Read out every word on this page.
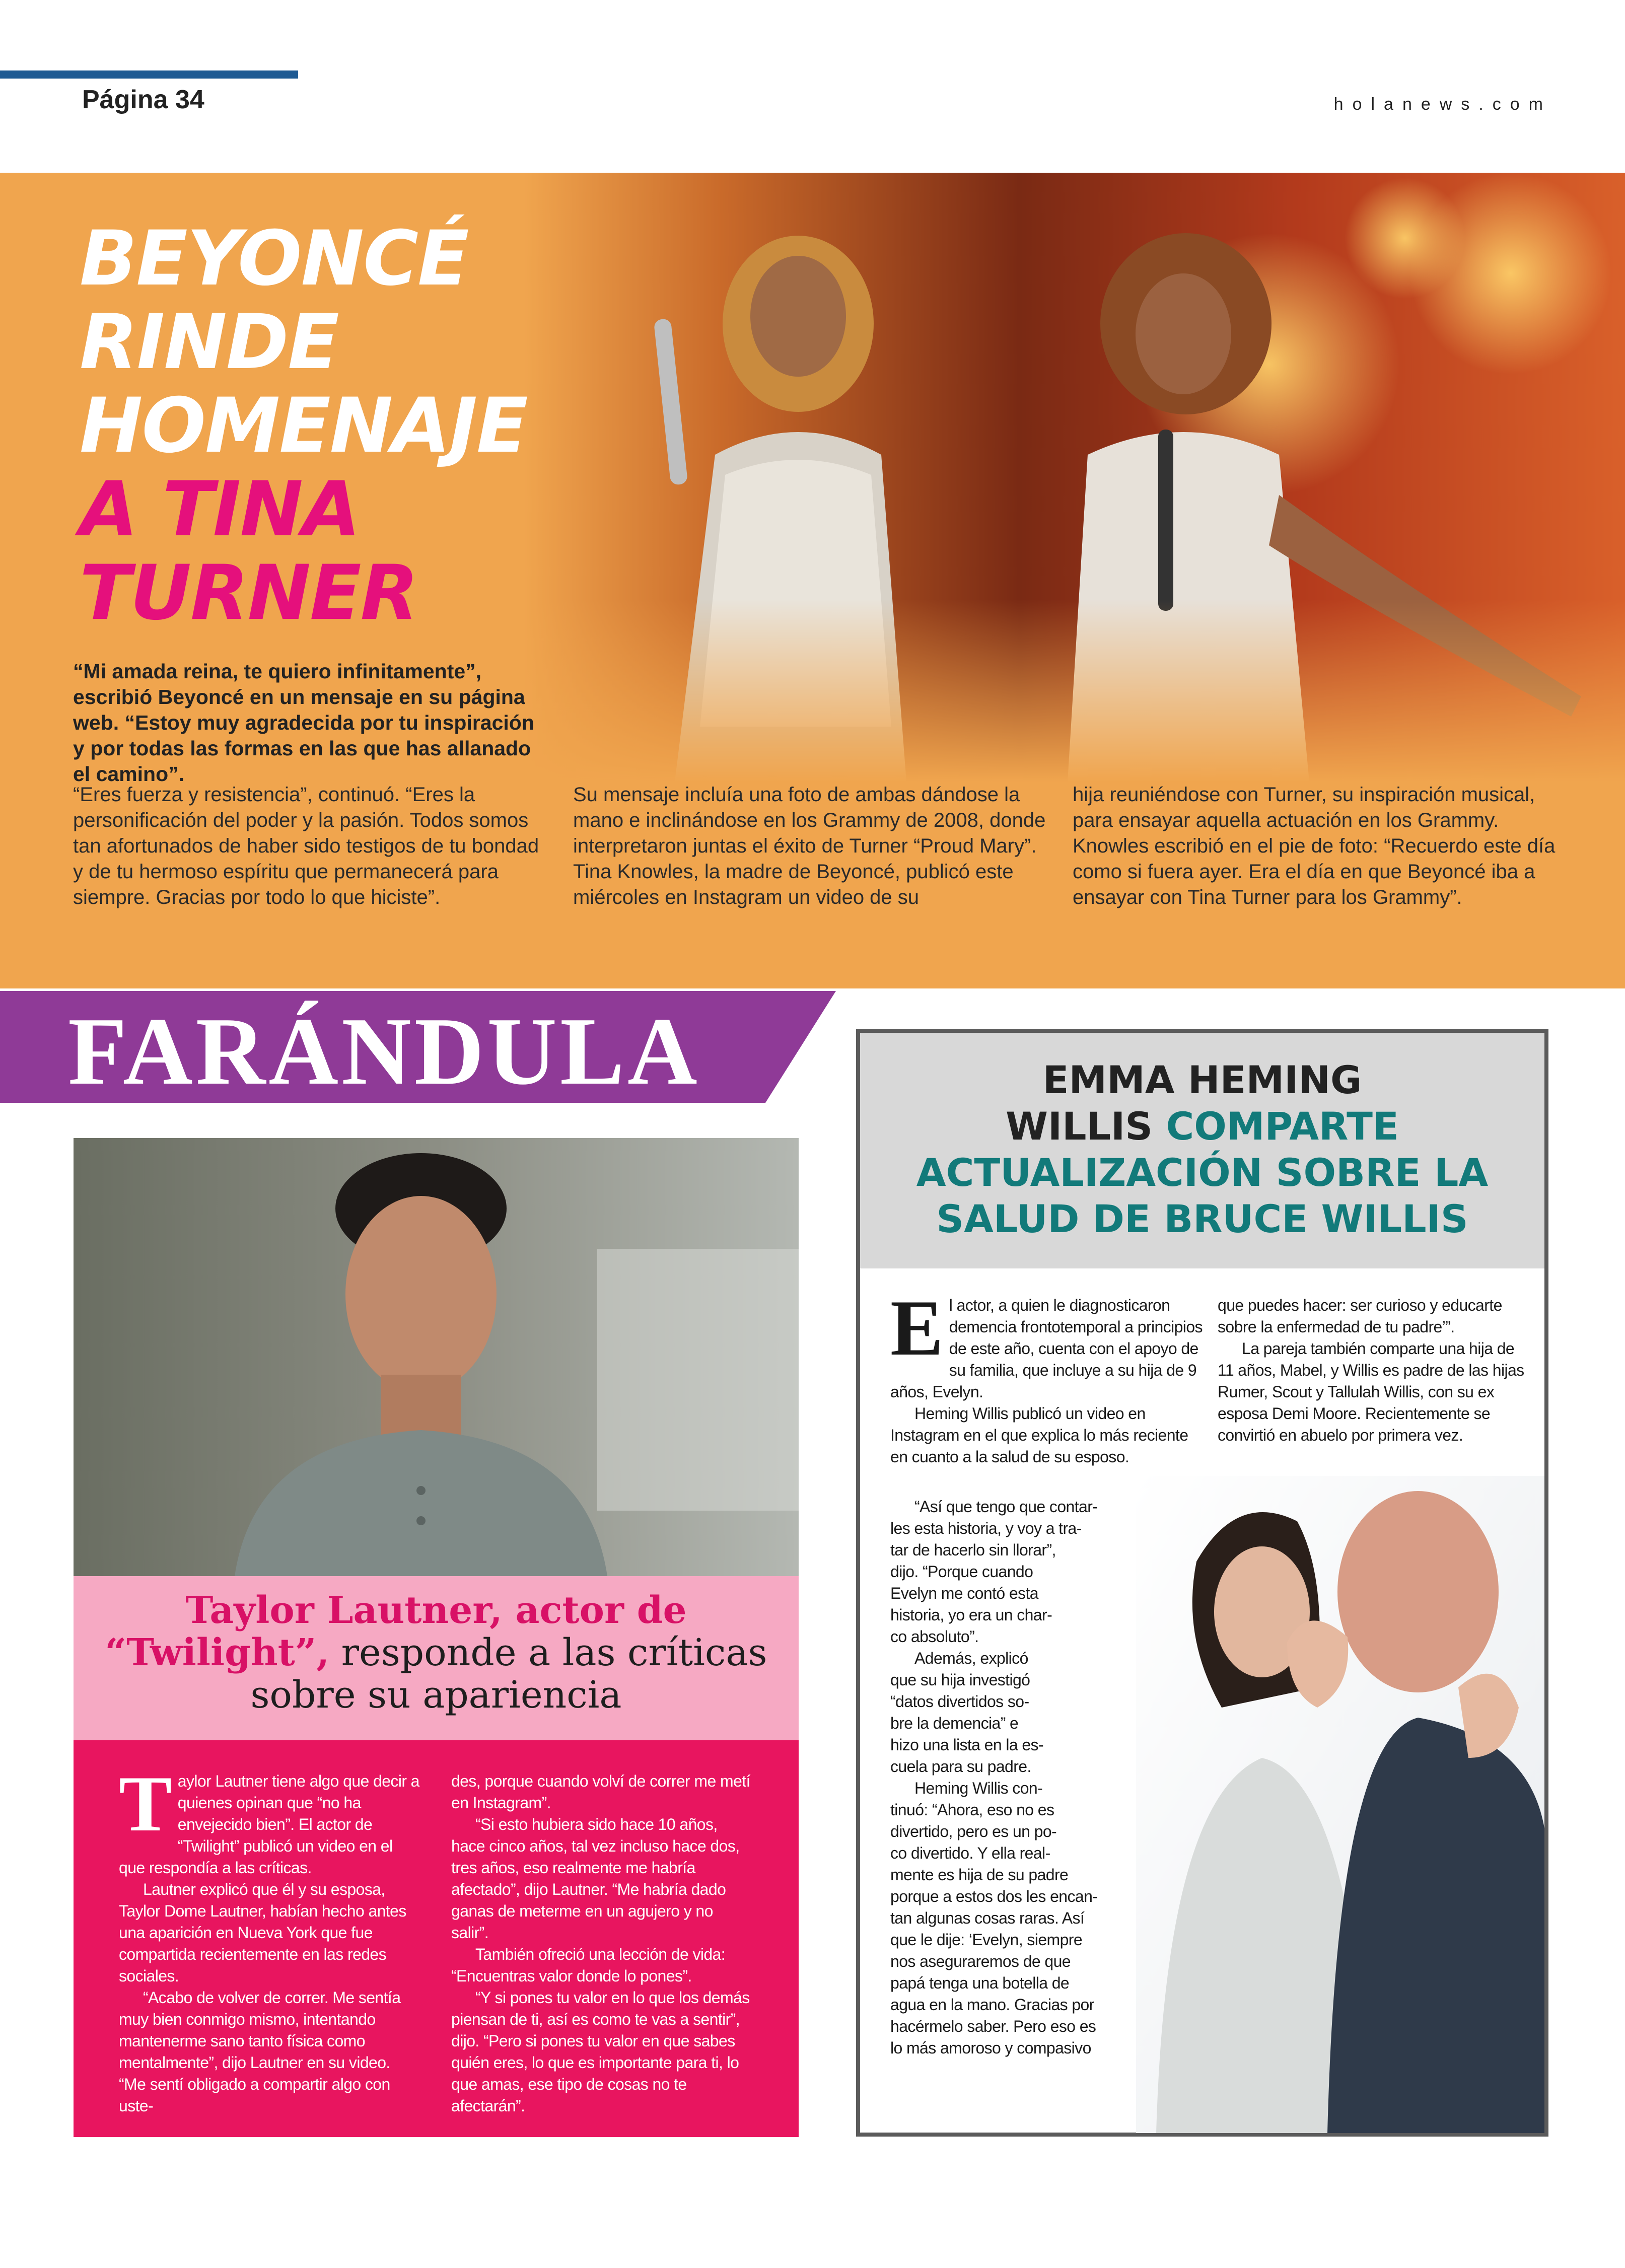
Página 34	holanews.com
BEYONCÉ
RINDE
HOMENAJE
A TINA
TURNER
“Mi amada reina, te quiero infinitamente”, escribió Beyoncé en un mensaje en su página web. “Estoy muy agradecida por tu inspiración y por todas las formas en las que has allanado el camino”.
“Eres fuerza y resistencia”, continuó. “Eres la personificación del poder y la pasión. Todos somos tan afortunados de haber sido testigos de tu bondad y de tu hermoso espíritu que permanecerá para siempre. Gracias por todo lo que hiciste”.
Su mensaje incluía una foto de ambas dándose la mano e inclinándose en los Grammy de 2008, donde interpretaron juntas el éxito de Turner “Proud Mary”. Tina Knowles, la madre de Beyoncé, publicó este miércoles en Instagram un video de su
hija reuniéndose con Turner, su inspiración musical, para ensayar aquella actuación en los Grammy. Knowles escribió en el pie de foto: “Recuerdo este día como si fuera ayer. Era el día en que Beyoncé iba a ensayar con Tina Turner para los Grammy”.
FARÁNDULA
Taylor Lautner, actor de “Twilight”, responde a las críticas sobre su apariencia

Taylor Lautner tiene algo que decir a quienes opinan que “no ha envejecido bien”. El actor de “Twilight” publicó un video en el que respondía a las críticas.

Lautner explicó que él y su esposa, Taylor Dome Lautner, habían hecho antes una aparición en Nueva York que fue compartida recientemente en las redes sociales.

“Acabo de volver de correr. Me sentía muy bien conmigo mismo, intentando mantenerme sano tanto física como mentalmente”, dijo Lautner en su video. “Me sentí obligado a compartir algo con uste-

des, porque cuando volví de correr me metí en Instagram”.

“Si esto hubiera sido hace 10 años, hace cinco años, tal vez incluso hace dos, tres años, eso realmente me habría afectado”, dijo Lautner. “Me habría dado ganas de meterme en un agujero y no salir”.

También ofreció una lección de vida: “Encuentras valor donde lo pones”.

“Y si pones tu valor en lo que los demás piensan de ti, así es como te vas a sentir”, dijo. “Pero si pones tu valor en que sabes quién eres, lo que es importante para ti, lo que amas, ese tipo de cosas no te afectarán”.

EMMA HEMING
WILLIS COMPARTE
ACTUALIZACIÓN SOBRE LA
SALUD DE BRUCE WILLIS

El actor, a quien le diagnosticaron demencia frontotemporal a principios de este año, cuenta con el apoyo de su familia, que incluye a su hija de 9 años, Evelyn.

Heming Willis publicó un video en Instagram en el que explica lo más reciente en cuanto a la salud de su esposo.

“Así que tengo que contar-
les esta historia, y voy a tra-
tar de hacerlo sin llorar”,
dijo. “Porque cuando
Evelyn me contó esta
historia, yo era un char-
co absoluto”.
Además, explicó
que su hija investigó
“datos divertidos so-
bre la demencia” e
hizo una lista en la es-
cuela para su padre.
Heming Willis con-
tinuó: “Ahora, eso no es
divertido, pero es un po-
co divertido. Y ella real-
mente es hija de su padre
porque a estos dos les encan-
tan algunas cosas raras. Así
que le dije: ‘Evelyn, siempre
nos aseguraremos de que
papá tenga una botella de
agua en la mano. Gracias por
hacérmelo saber. Pero eso es
lo más amoroso y compasivo

que puedes hacer: ser curioso y educarte sobre la enfermedad de tu padre’”.

La pareja también comparte una hija de 11 años, Mabel, y Willis es padre de las hijas Rumer, Scout y Tallulah Willis, con su ex esposa Demi Moore. Recientemente se convirtió en abuelo por primera vez.
